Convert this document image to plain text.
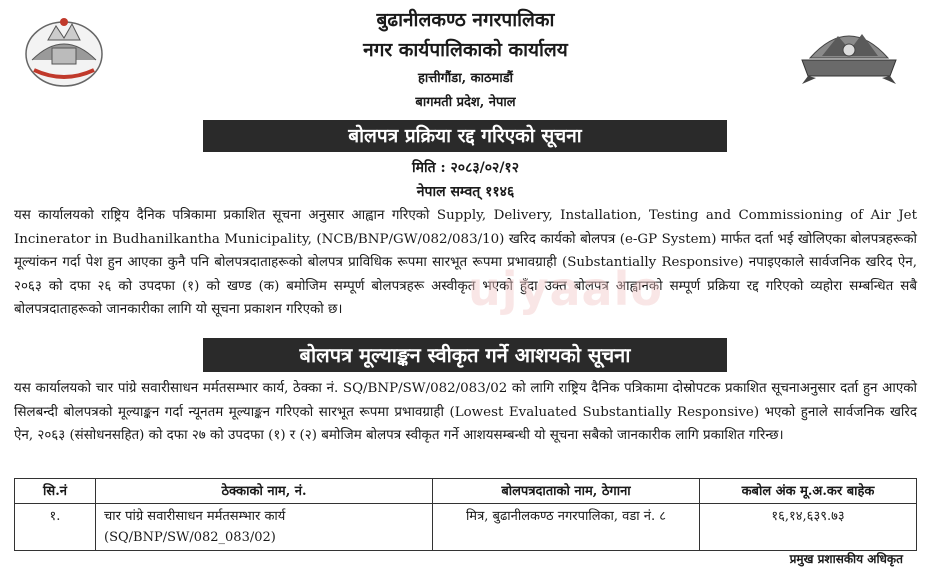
बुढानीलकण्ठ नगरपालिका
नगर कार्यपालिकाको कार्यालय
हात्तीगौंडा, काठमाडौं
बागमती प्रदेश, नेपाल
बोलपत्र प्रक्रिया रद्द गरिएको सूचना
मिति : २०८३/०२/१२
नेपाल सम्वत् ११४६

यस कार्यालयको राष्ट्रिय दैनिक पत्रिकामा प्रकाशित सूचना अनुसार आह्वान गरिएको Supply, Delivery, Installation, Testing and Commissioning of Air Jet Incinerator in Budhanilkantha Municipality, (NCB/BNP/GW/082/083/10) खरिद कार्यको बोलपत्र (e-GP System) मार्फत दर्ता भई खोलिएका बोलपत्रहरूको मूल्यांकन गर्दा पेश हुन आएका कुनै पनि बोलपत्रदाताहरूको बोलपत्र प्राविधिक रूपमा सारभूत रूपमा प्रभावग्राही (Substantially Responsive) नपाइएकाले सार्वजनिक खरिद ऐन, २०६३ को दफा २६ को उपदफा (१) को खण्ड (क) बमोजिम सम्पूर्ण बोलपत्रहरू अस्वीकृत भएको हुँदा उक्त बोलपत्र आह्वानको सम्पूर्ण प्रक्रिया रद्द गरिएको व्यहोरा सम्बन्धित सबै बोलपत्रदाताहरूको जानकारीका लागि यो सूचना प्रकाशन गरिएको छ।	ujyaalo
बोलपत्र मूल्याङ्कन स्वीकृत गर्ने आशयको सूचना

यस कार्यालयको चार पांग्रे सवारीसाधन मर्मतसम्भार कार्य, ठेक्का नं. SQ/BNP/SW/082/083/02 को लागि राष्ट्रिय दैनिक पत्रिकामा दोस्रोपटक प्रकाशित सूचनाअनुसार दर्ता हुन आएको सिलबन्दी बोलपत्रको मूल्याङ्कन गर्दा न्यूनतम मूल्याङ्कन गरिएको सारभूत रूपमा प्रभावग्राही (Lowest Evaluated Substantially Responsive) भएको हुनाले सार्वजनिक खरिद ऐन, २०६३ (संसोधनसहित) को दफा २७ को उपदफा (१) र (२) बमोजिम बोलपत्र स्वीकृत गर्ने आशयसम्बन्धी यो सूचना सबैको जानकारीक लागि प्रकाशित गरिन्छ।

सि.नं	ठेक्काको नाम, नं.	बोलपत्रदाताको नाम, ठेगाना	कबोल अंक मू.अ.कर बाहेक
१.	चार पांग्रे सवारीसाधन मर्मतसम्भार कार्य (SQ/BNP/SW/082_083/02)	मित्र, बुढानीलकण्ठ नगरपालिका, वडा नं. ८	१६,१४,६३९.७३
प्रमुख प्रशासकीय अधिकृत
